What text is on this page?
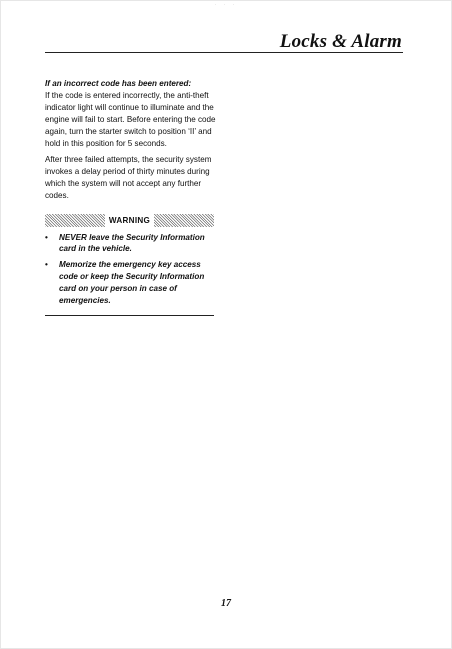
· · ·
Locks & Alarm

If an incorrect code has been entered:

If the code is entered incorrectly, the anti-theft indicator light will continue to illuminate and the engine will fail to start. Before entering the code again, turn the starter switch to position ‘II’ and hold in this position for 5 seconds.

After three failed attempts, the security system invokes a delay period of thirty minutes during which the system will not accept any further codes.

WARNING
• NEVER leave the Security Information card in the vehicle.
• Memorize the emergency key access code or keep the Security Information card on your person in case of emergencies.
17
